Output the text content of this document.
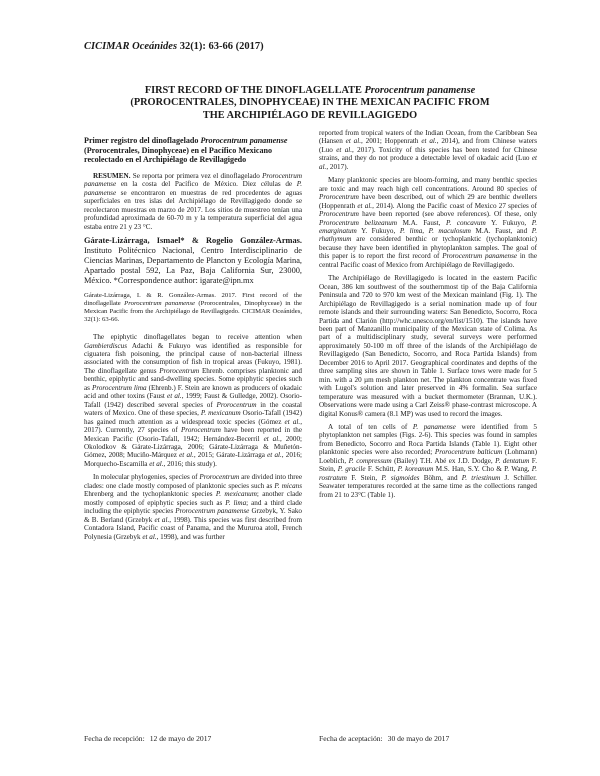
CICIMAR Oceánides 32(1): 63-66 (2017)
FIRST RECORD OF THE DINOFLAGELLATE Prorocentrum panamense
(PROROCENTRALES, DINOPHYCEAE) IN THE MEXICAN PACIFIC FROM
THE ARCHIPIÉLAGO DE REVILLAGIGEDO
Primer registro del dinoflagelado Prorocentrum panamense (Prorocentrales, Dinophyceae) en el Pacífico Mexicano recolectado en el Archipiélago de Revillagigedo

RESUMEN. Se reporta por primera vez el dinoflagelado Prorocentrum panamense en la costa del Pacífico de México. Diez células de P. panamense se encontraron en muestras de red procedentes de aguas superficiales en tres islas del Archipiélago de Revillagigedo donde se recolectaron muestras en marzo de 2017. Los sitios de muestreo tenían una profundidad aproximada de 60-70 m y la temperatura superficial del agua estaba entre 21 y 23 °C.

Gárate-Lizárraga, Ismael* & Rogelio González-Armas. Instituto Politécnico Nacional, Centro Interdisciplinario de Ciencias Marinas, Departamento de Plancton y Ecología Marina, Apartado postal 592, La Paz, Baja California Sur, 23000, México. *Correspondence author: igarate@ipn.mx

Gárate-Lizárraga, I. & R. González-Armas. 2017. First record of the dinoflagellate Prorocentrum panamense (Prorocentrales, Dinophyceae) in the Mexican Pacific from the Archipiélago de Revillagigedo. CICIMAR Oceánides, 32(1): 63-66.

The epiphytic dinoflagellates began to receive attention when Gambierdiscus Adachi & Fukuyo was identified as responsible for ciguatera fish poisoning, the principal cause of non-bacterial illness associated with the consumption of fish in tropical areas (Fukuyo, 1981). The dinoflagellate genus Prorocentrum Ehrenb. comprises planktonic and benthic, epiphytic and sand-dwelling species. Some epiphytic species such as Prorocentrum lima (Ehrenb.) F. Stein are known as producers of okadaic acid and other toxins (Faust et al., 1999; Faust & Gulledge, 2002). Osorio-Tafall (1942) described several species of Prorocentrum in the coastal waters of Mexico. One of these species, P. mexicanum Osorio-Tafall (1942) has gained much attention as a widespread toxic species (Gómez et al., 2017). Currently, 27 species of Prorocentrum have been reported in the Mexican Pacific (Osorio-Tafall, 1942; Hernández-Becerril et al., 2000; Okolodkov & Gárate-Lizárraga, 2006; Gárate-Lizárraga & Muñetón-Gómez, 2008; Muciño-Márquez et al., 2015; Gárate-Lizárraga et al., 2016; Morquecho-Escamilla et al., 2016; this study).

In molecular phylogenies, species of Prorocentrum are divided into three clades: one clade mostly composed of planktonic species such as P. micans Ehrenberg and the tychoplanktonic species P. mexicanum; another clade mostly composed of epiphytic species such as P. lima; and a third clade including the epiphytic species Prorocentrum panamense Grzebyk, Y. Sako & B. Berland (Grzebyk et al., 1998). This species was first described from Contadora Island, Pacific coast of Panama, and the Mururoa atoll, French Polynesia (Grzebyk et al., 1998), and was further

reported from tropical waters of the Indian Ocean, from the Caribbean Sea (Hansen et al., 2001; Hoppenrath et al., 2014), and from Chinese waters (Luo et al., 2017). Toxicity of this species has been tested for Chinese strains, and they do not produce a detectable level of okadaic acid (Luo et al., 2017).

Many planktonic species are bloom-forming, and many benthic species are toxic and may reach high cell concentrations. Around 80 species of Prorocentrum have been described, out of which 29 are benthic dwellers (Hoppenrath et al., 2014). Along the Pacific coast of Mexico 27 species of Prorocentrum have been reported (see above references). Of these, only Prorocentrum belizeanum M.A. Faust, P. concavum Y. Fukuyo, P. emarginatum Y. Fukuyo, P. lima, P. maculosum M.A. Faust, and P. rhathymum are considered benthic or tychoplanktic (tychoplanktonic) because they have been identified in phytoplankton samples. The goal of this paper is to report the first record of Prorocentrum panamense in the central Pacific coast of Mexico from Archipiélago de Revillagigedo.

The Archipiélago de Revillagigedo is located in the eastern Pacific Ocean, 386 km southwest of the southernmost tip of the Baja California Peninsula and 720 to 970 km west of the Mexican mainland (Fig. 1). The Archipiélago de Revillagigedo is a serial nomination made up of four remote islands and their surrounding waters: San Benedicto, Socorro, Roca Partida and Clarión (http://whc.unesco.org/en/list/1510). The islands have been part of Manzanillo municipality of the Mexican state of Colima. As part of a multidisciplinary study, several surveys were performed approximately 50-100 m off three of the islands of the Archipiélago de Revillagigedo (San Benedicto, Socorro, and Roca Partida Islands) from December 2016 to April 2017. Geographical coordinates and depths of the three sampling sites are shown in Table 1. Surface tows were made for 5 min. with a 20 µm mesh plankton net. The plankton concentrate was fixed with Lugol's solution and later preserved in 4% formalin. Sea surface temperature was measured with a bucket thermometer (Brannan, U.K.). Observations were made using a Carl Zeiss® phase-contrast microscope. A digital Konus® camera (8.1 MP) was used to record the images.

A total of ten cells of P. panamense were identified from 5 phytoplankton net samples (Figs. 2-6). This species was found in samples from Benedicto, Socorro and Roca Partida Islands (Table 1). Eight other planktonic species were also recorded; Prorocentrum balticum (Lohmann) Loeblich, P. compressum (Bailey) T.H. Abé ex J.D. Dodge, P. dentatum F. Stein, P. gracile F. Schütt, P. koreanum M.S. Han, S.Y. Cho & P. Wang, P. rostratum F. Stein, P. sigmoides Böhm, and P. triestinum J. Schiller. Seawater temperatures recorded at the same time as the collections ranged from 21 to 23°C (Table 1).

Fecha de recepción: 12 de mayo de 2017	Fecha de aceptación: 30 de mayo de 2017
